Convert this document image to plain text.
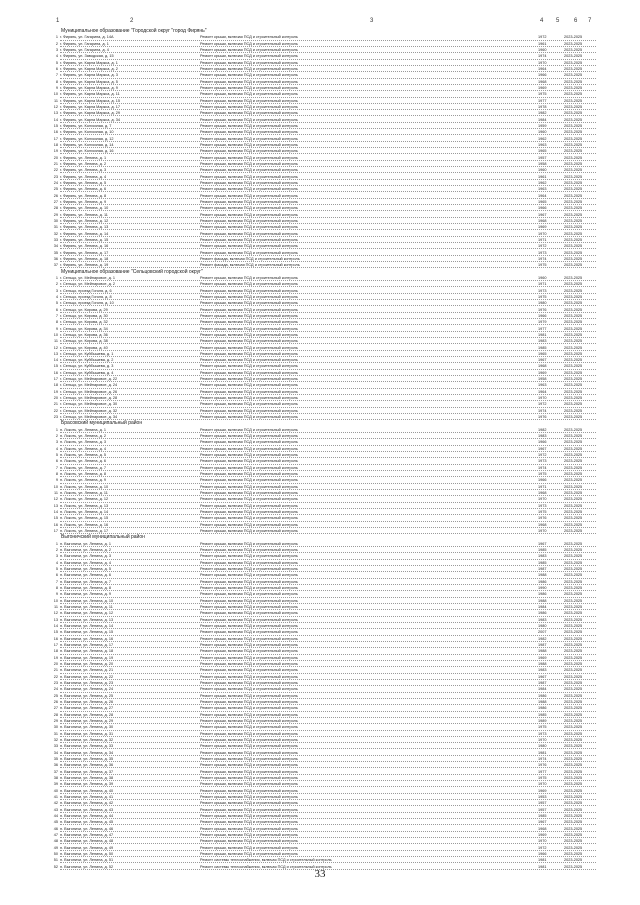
1	2	3	4 5 6 7
Муниципальное образование "Городской округ "город Фирянь"
1 г. Фирянь, ул. Гагарина, д. 14А	Ремонт крыши, включая ПСД и строительный контроль	1972	2023-2025
2 г. Фирянь, ул. Гагарина, д. 1	Ремонт крыши, включая ПСД и строительный контроль	1961	2023-2025
3 г. Фирянь, ул. Гагарина, д. 4	Ремонт крыши, включая ПСД и строительный контроль	1960	2023-2025
4 г. Фирянь, ул. Заводская, д. 15	Ремонт крыши, включая ПСД и строительный контроль	1974	2023-2025
5 г. Фирянь, ул. Карла Маркса, д. 1	Ремонт крыши, включая ПСД и строительный контроль	1970	2023-2025
6 г. Фирянь, ул. Карла Маркса, д. 2	Ремонт крыши, включая ПСД и строительный контроль	1964	2023-2025
7 г. Фирянь, ул. Карла Маркса, д. 3	Ремонт крыши, включая ПСД и строительный контроль	1966	2023-2025
8 г. Фирянь, ул. Карла Маркса, д. 5	Ремонт крыши, включая ПСД и строительный контроль	1968	2023-2025
9 г. Фирянь, ул. Карла Маркса, д. 9	Ремонт крыши, включая ПСД и строительный контроль	1969	2023-2025
10 г. Фирянь, ул. Карла Маркса, д. 11	Ремонт крыши, включая ПСД и строительный контроль	1975	2023-2025
11 г. Фирянь, ул. Карла Маркса, д. 15	Ремонт крыши, включая ПСД и строительный контроль	1977	2023-2025
12 г. Фирянь, ул. Карла Маркса, д. 17	Ремонт крыши, включая ПСД и строительный контроль	1978	2023-2025
13 г. Фирянь, ул. Карла Маркса, д. 29	Ремонт крыши, включая ПСД и строительный контроль	1982	2023-2025
14 г. Фирянь, ул. Карла Маркса, д. 34	Ремонт крыши, включая ПСД и строительный контроль	1984	2023-2025
15 г. Фирянь, ул. Колхозная, д. 7	Ремонт крыши, включая ПСД и строительный контроль	1959	2023-2025
16 г. Фирянь, ул. Колхозная, д. 10	Ремонт крыши, включая ПСД и строительный контроль	1960	2023-2025
17 г. Фирянь, ул. Колхозная, д. 12	Ремонт крыши, включая ПСД и строительный контроль	1962	2023-2025
18 г. Фирянь, ул. Колхозная, д. 14	Ремонт крыши, включая ПСД и строительный контроль	1963	2023-2025
19 г. Фирянь, ул. Колхозная, д. 16	Ремонт крыши, включая ПСД и строительный контроль	1965	2023-2025
20 г. Фирянь, ул. Ленина, д. 1	Ремонт крыши, включая ПСД и строительный контроль	1957	2023-2025
21 г. Фирянь, ул. Ленина, д. 2	Ремонт крыши, включая ПСД и строительный контроль	1958	2023-2025
22 г. Фирянь, ул. Ленина, д. 3	Ремонт крыши, включая ПСД и строительный контроль	1960	2023-2025
23 г. Фирянь, ул. Ленина, д. 4	Ремонт крыши, включая ПСД и строительный контроль	1961	2023-2025
24 г. Фирянь, ул. Ленина, д. 5	Ремонт крыши, включая ПСД и строительный контроль	1962	2023-2025
25 г. Фирянь, ул. Ленина, д. 6	Ремонт крыши, включая ПСД и строительный контроль	1963	2023-2025
26 г. Фирянь, ул. Ленина, д. 8	Ремонт крыши, включая ПСД и строительный контроль	1964	2023-2025
27 г. Фирянь, ул. Ленина, д. 9	Ремонт крыши, включая ПСД и строительный контроль	1965	2023-2025
28 г. Фирянь, ул. Ленина, д. 10	Ремонт крыши, включая ПСД и строительный контроль	1966	2023-2025
29 г. Фирянь, ул. Ленина, д. 11	Ремонт крыши, включая ПСД и строительный контроль	1967	2023-2025
30 г. Фирянь, ул. Ленина, д. 12	Ремонт крыши, включая ПСД и строительный контроль	1968	2023-2025
31 г. Фирянь, ул. Ленина, д. 13	Ремонт крыши, включая ПСД и строительный контроль	1969	2023-2025
32 г. Фирянь, ул. Ленина, д. 14	Ремонт крыши, включая ПСД и строительный контроль	1970	2023-2025
33 г. Фирянь, ул. Ленина, д. 15	Ремонт крыши, включая ПСД и строительный контроль	1971	2023-2025
34 г. Фирянь, ул. Ленина, д. 16	Ремонт крыши, включая ПСД и строительный контроль	1972	2023-2025
35 г. Фирянь, ул. Ленина, д. 17	Ремонт крыши, включая ПСД и строительный контроль	1973	2023-2025
36 г. Фирянь, ул. Ленина, д. 18	Ремонт фасада, включая ПСД и строительный контроль	1974	2023-2025
37 г. Фирянь, ул. Ленина, д. 19	Ремонт фасада, включая ПСД и строительный контроль	1975	2023-2025
Муниципальное образование "Сельцовский городской округ"
1 г. Сельцо, ул. Мейпаровое, д. 1	Ремонт крыши, включая ПСД и строительный контроль	1960	2023-2025
2 г. Сельцо, ул. Мейпаровое, д. 2	Ремонт крыши, включая ПСД и строительный контроль	1971	2023-2025
3 г. Сельцо, проезд Гоголя, д. 6	Ремонт крыши, включая ПСД и строительный контроль	1973	2023-2025
4 г. Сельцо, проезд Гоголя, д. 8	Ремонт крыши, включая ПСД и строительный контроль	1975	2023-2025
5 г. Сельцо, проезд Гоголя, д. 10	Ремонт крыши, включая ПСД и строительный контроль	1980	2023-2025
6 г. Сельцо, ул. Кирова, д. 29	Ремонт крыши, включая ПСД и строительный контроль	1976	2023-2025
7 г. Сельцо, ул. Кирова, д. 30	Ремонт крыши, включая ПСД и строительный контроль	1966	2023-2025
8 г. Сельцо, ул. Кирова, д. 32	Ремонт крыши, включая ПСД и строительный контроль	1979	2023-2025
9 г. Сельцо, ул. Кирова, д. 34	Ремонт крыши, включая ПСД и строительный контроль	1977	2023-2025
10 г. Сельцо, ул. Кирова, д. 36	Ремонт крыши, включая ПСД и строительный контроль	1981	2023-2025
11 г. Сельцо, ул. Кирова, д. 38	Ремонт крыши, включая ПСД и строительный контроль	1983	2023-2025
12 г. Сельцо, ул. Кирова, д. 40	Ремонт крыши, включая ПСД и строительный контроль	1985	2023-2025
13 г. Сельцо, ул. Куйбышева, д. 1	Ремонт крыши, включая ПСД и строительный контроль	1965	2023-2025
14 г. Сельцо, ул. Куйбышева, д. 2	Ремонт крыши, включая ПСД и строительный контроль	1967	2023-2025
15 г. Сельцо, ул. Куйбышева, д. 3	Ремонт крыши, включая ПСД и строительный контроль	1968	2023-2025
16 г. Сельцо, ул. Куйбышева, д. 4	Ремонт крыши, включая ПСД и строительный контроль	1969	2023-2025
17 г. Сельцо, ул. Мейпаровое, д. 22	Ремонт крыши, включая ПСД и строительный контроль	1958	2023-2025
18 г. Сельцо, ул. Мейпаровое, д. 24	Ремонт крыши, включая ПСД и строительный контроль	1963	2023-2025
19 г. Сельцо, ул. Мейпаровое, д. 26	Ремонт крыши, включая ПСД и строительный контроль	1964	2023-2025
20 г. Сельцо, ул. Мейпаровое, д. 28	Ремонт крыши, включая ПСД и строительный контроль	1970	2023-2025
21 г. Сельцо, ул. Мейпаровое, д. 30	Ремонт крыши, включая ПСД и строительный контроль	1972	2023-2025
22 г. Сельцо, ул. Мейпаровое, д. 32	Ремонт крыши, включая ПСД и строительный контроль	1974	2023-2025
23 г. Сельцо, ул. Мейпаровое, д. 34	Ремонт крыши, включая ПСД и строительный контроль	1976	2023-2025
Брасовский муниципальный район
1 п. Локоть, ул. Ленина, д. 1	Ремонт крыши, включая ПСД и строительный контроль	1982	2023-2025
2 п. Локоть, ул. Ленина, д. 2	Ремонт крыши, включая ПСД и строительный контроль	1983	2023-2025
3 п. Локоть, ул. Ленина, д. 3	Ремонт крыши, включая ПСД и строительный контроль	1966	2023-2025
4 п. Локоть, ул. Ленина, д. 4	Ремонт крыши, включая ПСД и строительный контроль	1967	2023-2025
5 п. Локоть, ул. Ленина, д. 5	Ремонт крыши, включая ПСД и строительный контроль	1972	2023-2025
6 п. Локоть, ул. Ленина, д. 6	Ремонт крыши, включая ПСД и строительный контроль	1973	2023-2025
7 п. Локоть, ул. Ленина, д. 7	Ремонт крыши, включая ПСД и строительный контроль	1974	2023-2025
8 п. Локоть, ул. Ленина, д. 8	Ремонт крыши, включая ПСД и строительный контроль	1975	2023-2025
9 п. Локоть, ул. Ленина, д. 9	Ремонт крыши, включая ПСД и строительный контроль	1966	2023-2025
10 п. Локоть, ул. Ленина, д. 10	Ремонт крыши, включая ПСД и строительный контроль	1971	2023-2025
11 п. Локоть, ул. Ленина, д. 11	Ремонт крыши, включая ПСД и строительный контроль	1968	2023-2025
12 п. Локоть, ул. Ленина, д. 12	Ремонт крыши, включая ПСД и строительный контроль	1970	2023-2025
13 п. Локоть, ул. Ленина, д. 13	Ремонт крыши, включая ПСД и строительный контроль	1973	2023-2025
14 п. Локоть, ул. Ленина, д. 14	Ремонт крыши, включая ПСД и строительный контроль	1975	2023-2025
15 п. Локоть, ул. Ленина, д. 15	Ремонт крыши, включая ПСД и строительный контроль	1976	2023-2025
16 п. Локоть, ул. Ленина, д. 16	Ремонт крыши, включая ПСД и строительный контроль	1968	2023-2025
17 п. Локоть, ул. Ленина, д. 17	Ремонт крыши, включая ПСД и строительный контроль	1970	2023-2025
Выгоничский муниципальный район
1 п. Выгоничи, ул. Ленина, д. 1	Ремонт крыши, включая ПСД и строительный контроль	1967	2023-2025
2 п. Выгоничи, ул. Ленина, д. 2	Ремонт крыши, включая ПСД и строительный контроль	1985	2023-2025
3 п. Выгоничи, ул. Ленина, д. 3	Ремонт крыши, включая ПСД и строительный контроль	1983	2023-2025
4 п. Выгоничи, ул. Ленина, д. 4	Ремонт крыши, включая ПСД и строительный контроль	1985	2023-2025
5 п. Выгоничи, ул. Ленина, д. 5	Ремонт крыши, включая ПСД и строительный контроль	1987	2023-2025
6 п. Выгоничи, ул. Ленина, д. 6	Ремонт крыши, включая ПСД и строительный контроль	1988	2023-2025
7 п. Выгоничи, ул. Ленина, д. 7	Ремонт крыши, включая ПСД и строительный контроль	1986	2023-2025
8 п. Выгоничи, ул. Ленина, д. 8	Ремонт крыши, включая ПСД и строительный контроль	1990	2023-2025
9 п. Выгоничи, ул. Ленина, д. 9	Ремонт крыши, включая ПСД и строительный контроль	1986	2023-2025
10 п. Выгоничи, ул. Ленина, д. 10	Ремонт крыши, включая ПСД и строительный контроль	1988	2023-2025
11 п. Выгоничи, ул. Ленина, д. 11	Ремонт крыши, включая ПСД и строительный контроль	1984	2023-2025
12 п. Выгоничи, ул. Ленина, д. 12	Ремонт крыши, включая ПСД и строительный контроль	1986	2023-2025
13 п. Выгоничи, ул. Ленина, д. 13	Ремонт крыши, включая ПСД и строительный контроль	1983	2023-2025
14 п. Выгоничи, ул. Ленина, д. 14	Ремонт крыши, включая ПСД и строительный контроль	1980	2023-2025
15 п. Выгоничи, ул. Ленина, д. 15	Ремонт крыши, включая ПСД и строительный контроль	2007	2023-2025
16 п. Выгоничи, ул. Ленина, д. 16	Ремонт крыши, включая ПСД и строительный контроль	1982	2023-2025
17 п. Выгоничи, ул. Ленина, д. 17	Ремонт крыши, включая ПСД и строительный контроль	1987	2023-2025
18 п. Выгоничи, ул. Ленина, д. 18	Ремонт крыши, включая ПСД и строительный контроль	1988	2023-2025
19 п. Выгоничи, ул. Ленина, д. 19	Ремонт крыши, включая ПСД и строительный контроль	1969	2023-2025
20 п. Выгоничи, ул. Ленина, д. 20	Ремонт крыши, включая ПСД и строительный контроль	1988	2023-2025
21 п. Выгоничи, ул. Ленина, д. 21	Ремонт крыши, включая ПСД и строительный контроль	1983	2023-2025
22 п. Выгоничи, ул. Ленина, д. 22	Ремонт крыши, включая ПСД и строительный контроль	1967	2023-2025
23 п. Выгоничи, ул. Ленина, д. 23	Ремонт крыши, включая ПСД и строительный контроль	1987	2023-2025
24 п. Выгоничи, ул. Ленина, д. 24	Ремонт крыши, включая ПСД и строительный контроль	1984	2023-2025
25 п. Выгоничи, ул. Ленина, д. 25	Ремонт крыши, включая ПСД и строительный контроль	1986	2023-2025
26 п. Выгоничи, ул. Ленина, д. 26	Ремонт крыши, включая ПСД и строительный контроль	1988	2023-2025
27 п. Выгоничи, ул. Ленина, д. 27	Ремонт крыши, включая ПСД и строительный контроль	1986	2023-2025
28 п. Выгоничи, ул. Ленина, д. 28	Ремонт крыши, включая ПСД и строительный контроль	1985	2023-2025
29 п. Выгоничи, ул. Ленина, д. 29	Ремонт крыши, включая ПСД и строительный контроль	1989	2023-2025
30 п. Выгоничи, ул. Ленина, д. 30	Ремонт крыши, включая ПСД и строительный контроль	1975	2023-2025
31 п. Выгоничи, ул. Ленина, д. 31	Ремонт крыши, включая ПСД и строительный контроль	1973	2023-2025
32 п. Выгоничи, ул. Ленина, д. 32	Ремонт крыши, включая ПСД и строительный контроль	1970	2023-2025
33 п. Выгоничи, ул. Ленина, д. 33	Ремонт крыши, включая ПСД и строительный контроль	1980	2023-2025
34 п. Выгоничи, ул. Ленина, д. 34	Ремонт крыши, включая ПСД и строительный контроль	1981	2023-2025
35 п. Выгоничи, ул. Ленина, д. 35	Ремонт крыши, включая ПСД и строительный контроль	1974	2023-2025
36 п. Выгоничи, ул. Ленина, д. 36	Ремонт крыши, включая ПСД и строительный контроль	1976	2023-2025
37 п. Выгоничи, ул. Ленина, д. 37	Ремонт крыши, включая ПСД и строительный контроль	1977	2023-2025
38 п. Выгоничи, ул. Ленина, д. 38	Ремонт крыши, включая ПСД и строительный контроль	1975	2023-2025
39 п. Выгоничи, ул. Ленина, д. 39	Ремонт крыши, включая ПСД и строительный контроль	1970	2023-2025
40 п. Выгоничи, ул. Ленина, д. 40	Ремонт крыши, включая ПСД и строительный контроль	1969	2023-2025
41 п. Выгоничи, ул. Ленина, д. 41	Ремонт крыши, включая ПСД и строительный контроль	1953	2023-2025
42 п. Выгоничи, ул. Ленина, д. 42	Ремонт крыши, включая ПСД и строительный контроль	1957	2023-2025
43 п. Выгоничи, ул. Ленина, д. 43	Ремонт крыши, включая ПСД и строительный контроль	1957	2023-2025
44 п. Выгоничи, ул. Ленина, д. 44	Ремонт крыши, включая ПСД и строительный контроль	1985	2023-2025
45 п. Выгоничи, ул. Ленина, д. 45	Ремонт крыши, включая ПСД и строительный контроль	1967	2023-2025
46 п. Выгоничи, ул. Ленина, д. 46	Ремонт крыши, включая ПСД и строительный контроль	1968	2023-2025
47 п. Выгоничи, ул. Ленина, д. 47	Ремонт крыши, включая ПСД и строительный контроль	1969	2023-2025
48 п. Выгоничи, ул. Ленина, д. 48	Ремонт крыши, включая ПСД и строительный контроль	1970	2023-2025
49 п. Выгоничи, ул. Ленина, д. 49	Ремонт крыши, включая ПСД и строительный контроль	1972	2023-2025
50 п. Выгоничи, ул. Ленина, д. 50	Ремонт крыши, включая ПСД и строительный контроль	1966	2023-2025
51 п. Выгоничи, ул. Ленина, д. 51	Ремонт системы теплоснабжения, включая ПСД и строительный контроль	1981	2023-2025
52 п. Выгоничи, ул. Ленина, д. 52	Ремонт системы теплоснабжения, включая ПСД и строительный контроль	1981	2023-2025
33
